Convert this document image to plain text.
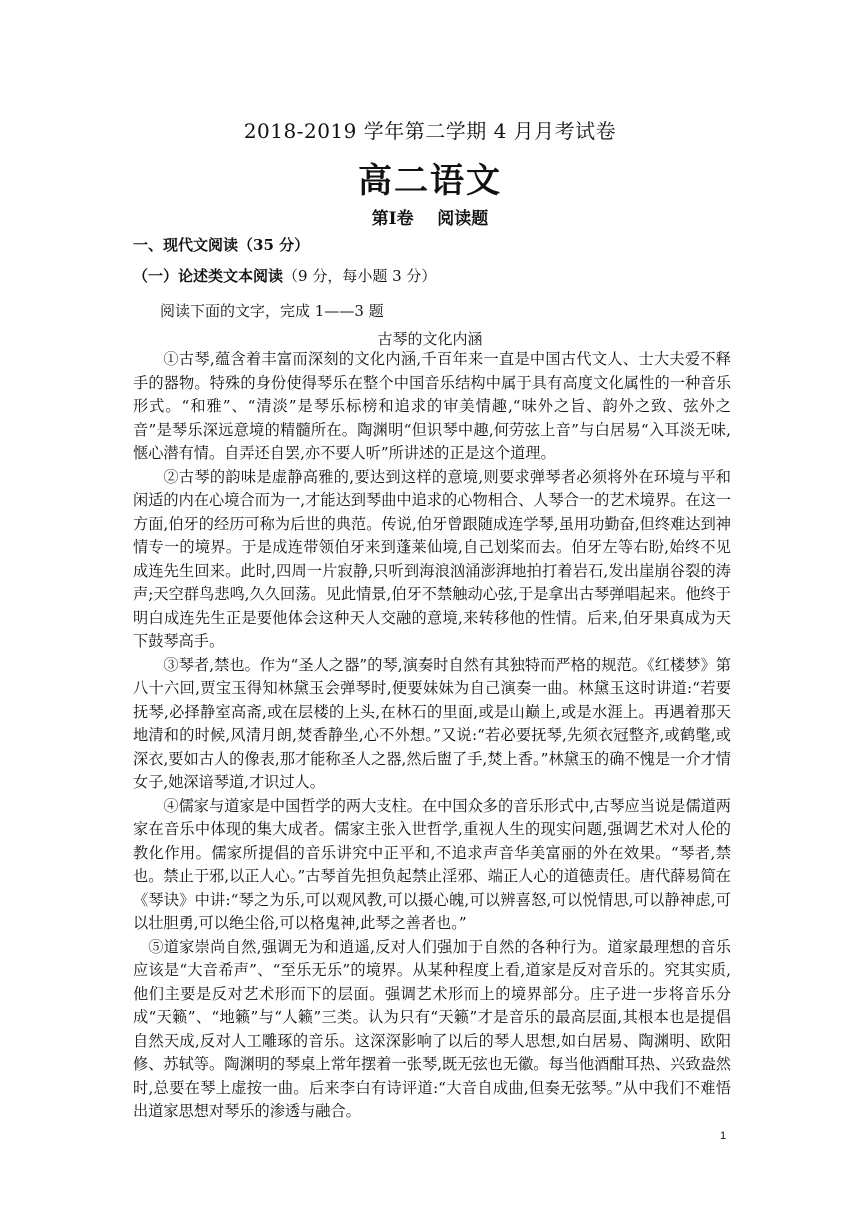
2018-2019 学年第二学期 4 月月考试卷
高二语文
第Ⅰ卷    阅读题
一、现代文阅读（35 分）
（一）论述类文本阅读（9 分，每小题 3 分）
阅读下面的文字，完成 1——3 题
古琴的文化内涵

①古琴,蕴含着丰富而深刻的文化内涵,千百年来一直是中国古代文人、士大夫爱不释手的器物。特殊的身份使得琴乐在整个中国音乐结构中属于具有高度文化属性的一种音乐形式。“和雅”、“清淡”是琴乐标榜和追求的审美情趣,“味外之旨、韵外之致、弦外之音”是琴乐深远意境的精髓所在。陶渊明“但识琴中趣,何劳弦上音”与白居易“入耳淡无味,惬心潜有情。自弄还自罢,亦不要人听”所讲述的正是这个道理。

②古琴的韵味是虚静高雅的,要达到这样的意境,则要求弹琴者必须将外在环境与平和闲适的内在心境合而为一,才能达到琴曲中追求的心物相合、人琴合一的艺术境界。在这一方面,伯牙的经历可称为后世的典范。传说,伯牙曾跟随成连学琴,虽用功勤奋,但终难达到神情专一的境界。于是成连带领伯牙来到蓬莱仙境,自己划桨而去。伯牙左等右盼,始终不见成连先生回来。此时,四周一片寂静,只听到海浪汹涌澎湃地拍打着岩石,发出崖崩谷裂的涛声;天空群鸟悲鸣,久久回荡。见此情景,伯牙不禁触动心弦,于是拿出古琴弹唱起来。他终于明白成连先生正是要他体会这种天人交融的意境,来转移他的性情。后来,伯牙果真成为天下鼓琴高手。

③琴者,禁也。作为“圣人之器”的琴,演奏时自然有其独特而严格的规范。《红楼梦》第八十六回,贾宝玉得知林黛玉会弹琴时,便要妹妹为自己演奏一曲。林黛玉这时讲道:“若要抚琴,必择静室高斋,或在层楼的上头,在林石的里面,或是山巅上,或是水涯上。再遇着那天地清和的时候,风清月朗,焚香静坐,心不外想。”又说:“若必要抚琴,先须衣冠整齐,或鹤氅,或深衣,要如古人的像表,那才能称圣人之器,然后盥了手,焚上香。”林黛玉的确不愧是一介才情女子,她深谙琴道,才识过人。

④儒家与道家是中国哲学的两大支柱。在中国众多的音乐形式中,古琴应当说是儒道两家在音乐中体现的集大成者。儒家主张入世哲学,重视人生的现实问题,强调艺术对人伦的教化作用。儒家所提倡的音乐讲究中正平和,不追求声音华美富丽的外在效果。“琴者,禁也。禁止于邪,以正人心。”古琴首先担负起禁止淫邪、端正人心的道德责任。唐代薛易简在《琴诀》中讲:“琴之为乐,可以观风教,可以摄心魄,可以辨喜怒,可以悦情思,可以静神虑,可以壮胆勇,可以绝尘俗,可以格鬼神,此琴之善者也。”

⑤道家崇尚自然,强调无为和逍遥,反对人们强加于自然的各种行为。道家最理想的音乐应该是“大音希声”、“至乐无乐”的境界。从某种程度上看,道家是反对音乐的。究其实质,他们主要是反对艺术形而下的层面。强调艺术形而上的境界部分。庄子进一步将音乐分成“天籁”、“地籁”与“人籁”三类。认为只有“天籁”才是音乐的最高层面,其根本也是提倡自然天成,反对人工雕琢的音乐。这深深影响了以后的琴人思想,如白居易、陶渊明、欧阳修、苏轼等。陶渊明的琴桌上常年摆着一张琴,既无弦也无徽。每当他酒酣耳热、兴致盎然时,总要在琴上虚按一曲。后来李白有诗评道:“大音自成曲,但奏无弦琴。”从中我们不难悟出道家思想对琴乐的渗透与融合。

1
